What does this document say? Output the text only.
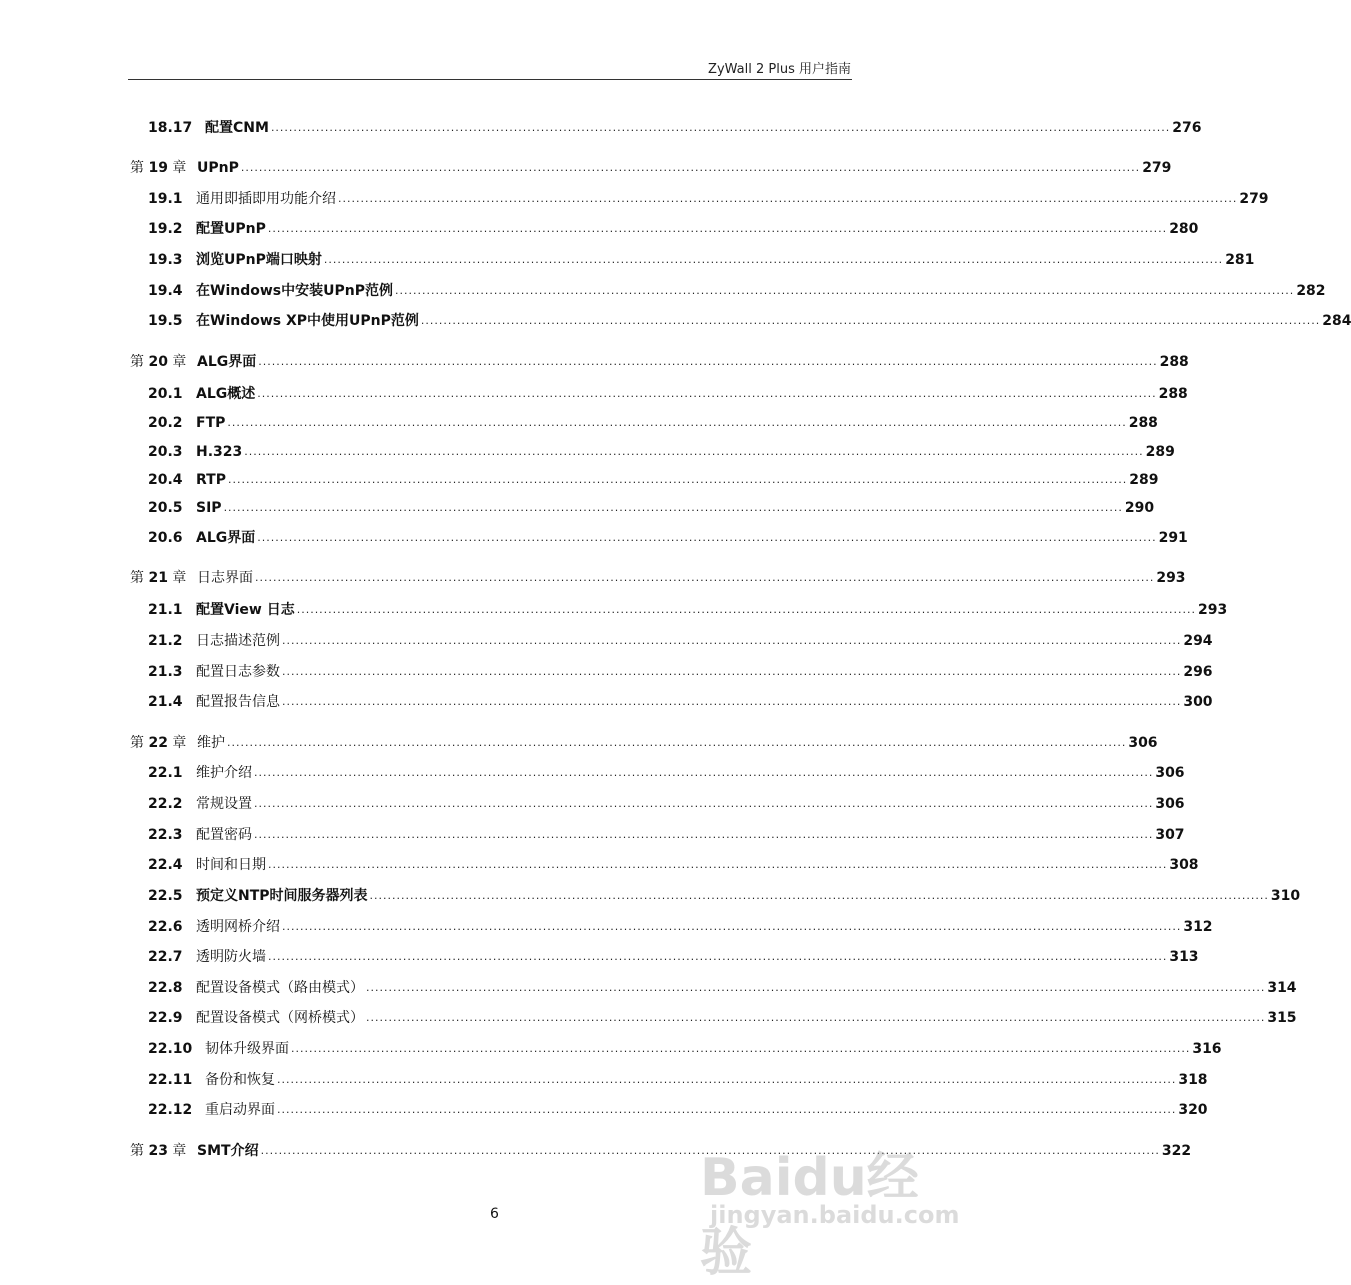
ZyWall 2 Plus 用户指南
18.17 配置CNM ........................................................................................................................................................................................................ 276
第 19 章 UPnP ........................................................................................................................................................................................................ 279
19.1 通用即插即用功能介绍 ........................................................................................................................................................................................................ 279
19.2 配置UPnP ........................................................................................................................................................................................................ 280
19.3 浏览UPnP端口映射 ........................................................................................................................................................................................................ 281
19.4 在Windows中安装UPnP范例 ........................................................................................................................................................................................................ 282
19.5 在Windows XP中使用UPnP范例 ........................................................................................................................................................................................................ 284
第 20 章 ALG界面 ........................................................................................................................................................................................................ 288
20.1 ALG概述 ........................................................................................................................................................................................................ 288
20.2 FTP ........................................................................................................................................................................................................ 288
20.3 H.323 ........................................................................................................................................................................................................ 289
20.4 RTP ........................................................................................................................................................................................................ 289
20.5 SIP ........................................................................................................................................................................................................ 290
20.6 ALG界面 ........................................................................................................................................................................................................ 291
第 21 章 日志界面 ........................................................................................................................................................................................................ 293
21.1 配置View 日志 ........................................................................................................................................................................................................ 293
21.2 日志描述范例 ........................................................................................................................................................................................................ 294
21.3 配置日志参数 ........................................................................................................................................................................................................ 296
21.4 配置报告信息 ........................................................................................................................................................................................................ 300
第 22 章 维护 ........................................................................................................................................................................................................ 306
22.1 维护介绍 ........................................................................................................................................................................................................ 306
22.2 常规设置 ........................................................................................................................................................................................................ 306
22.3 配置密码 ........................................................................................................................................................................................................ 307
22.4 时间和日期 ........................................................................................................................................................................................................ 308
22.5 预定义NTP时间服务器列表 ........................................................................................................................................................................................................ 310
22.6 透明网桥介绍 ........................................................................................................................................................................................................ 312
22.7 透明防火墙 ........................................................................................................................................................................................................ 313
22.8 配置设备模式（路由模式） ........................................................................................................................................................................................................ 314
22.9 配置设备模式（网桥模式） ........................................................................................................................................................................................................ 315
22.10 韧体升级界面 ........................................................................................................................................................................................................ 316
22.11 备份和恢复 ........................................................................................................................................................................................................ 318
22.12 重启动界面 ........................................................................................................................................................................................................ 320
第 23 章 SMT介绍 ........................................................................................................................................................................................................ 322
6
Baidu经验
jingyan.baidu.com
